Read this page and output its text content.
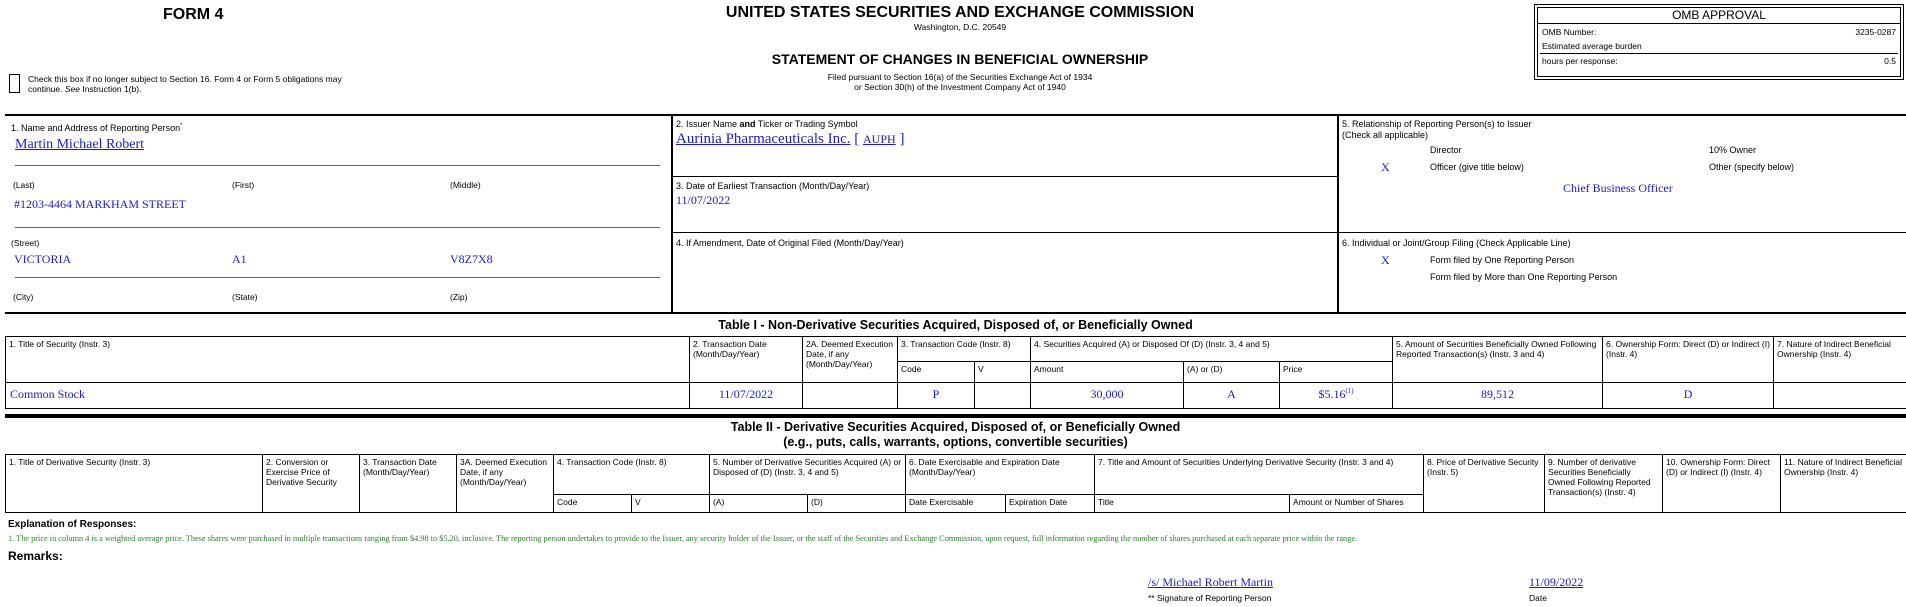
FORM 4	UNITED STATES SECURITIES AND EXCHANGE COMMISSION
Washington, D.C. 20549
STATEMENT OF CHANGES IN BENEFICIAL OWNERSHIP
Filed pursuant to Section 16(a) of the Securities Exchange Act of 1934
or Section 30(h) of the Investment Company Act of 1940
Check this box if no longer subject to Section 16. Form 4 or Form 5 obligations may
continue. See Instruction 1(b).
OMB APPROVAL
OMB Number:	3235-0287
Estimated average burden
hours per response:	0.5
1. Name and Address of Reporting Person*
Martin Michael Robert
(Last)	(First)	(Middle)
#1203-4464 MARKHAM STREET
(Street)
VICTORIA	A1	V8Z7X8
(City)	(State)	(Zip)
2. Issuer Name and Ticker or Trading Symbol
Aurinia Pharmaceuticals Inc. [ AUPH ]
3. Date of Earliest Transaction (Month/Day/Year)
11/07/2022
4. If Amendment, Date of Original Filed (Month/Day/Year)
5. Relationship of Reporting Person(s) to Issuer
(Check all applicable)
Director	10% Owner
X	Officer (give title below)	Other (specify below)
Chief Business Officer
6. Individual or Joint/Group Filing (Check Applicable Line)
X	Form filed by One Reporting Person
Form filed by More than One Reporting Person
Table I - Non-Derivative Securities Acquired, Disposed of, or Beneficially Owned
1. Title of Security (Instr. 3)	2. Transaction Date (Month/Day/Year)	2A. Deemed Execution Date, if any (Month/Day/Year)	3. Transaction Code (Instr. 8)		4. Securities Acquired (A) or Disposed Of (D) (Instr. 3, 4 and 5)			5. Amount of Securities Beneficially Owned Following Reported Transaction(s) (Instr. 3 and 4)	6. Ownership Form: Direct (D) or Indirect (I) (Instr. 4)	7. Nature of Indirect Beneficial Ownership (Instr. 4)
			Code	V	Amount	(A) or (D)	Price			
Common Stock	11/07/2022		P		30,000	A	$5.16$^{(1)}$	89,512	D	
Table II - Derivative Securities Acquired, Disposed of, or Beneficially Owned
(e.g., puts, calls, warrants, options, convertible securities)
1. Title of Derivative Security (Instr. 3)	2. Conversion or Exercise Price of Derivative Security	3. Transaction Date (Month/Day/Year)	3A. Deemed Execution Date, if any (Month/Day/Year)	4. Transaction Code (Instr. 8)		5. Number of Derivative Securities Acquired (A) or Disposed of (D) (Instr. 3, 4 and 5)		6. Date Exercisable and Expiration Date (Month/Day/Year)		7. Title and Amount of Securities Underlying Derivative Security (Instr. 3 and 4)		8. Price of Derivative Security (Instr. 5)	9. Number of derivative Securities Beneficially Owned Following Reported Transaction(s) (Instr. 4)	10. Ownership Form: Direct (D) or Indirect (I) (Instr. 4)	11. Nature of Indirect Beneficial Ownership (Instr. 4)
				Code	V	(A)	(D)	Date Exercisable	Expiration Date	Title	Amount or Number of Shares				
Explanation of Responses:
1. The price in column 4 is a weighted average price. These shares were purchased in multiple transactions ranging from $4.98 to $5.20, inclusive. The reporting person undertakes to provide to the Issuer, any security holder of the Issuer, or the staff of the Securities and Exchange Commission, upon request, full information regarding the number of shares purchased at each separate price within the range.
Remarks:
/s/ Michael Robert Martin
** Signature of Reporting Person
11/09/2022
Date
